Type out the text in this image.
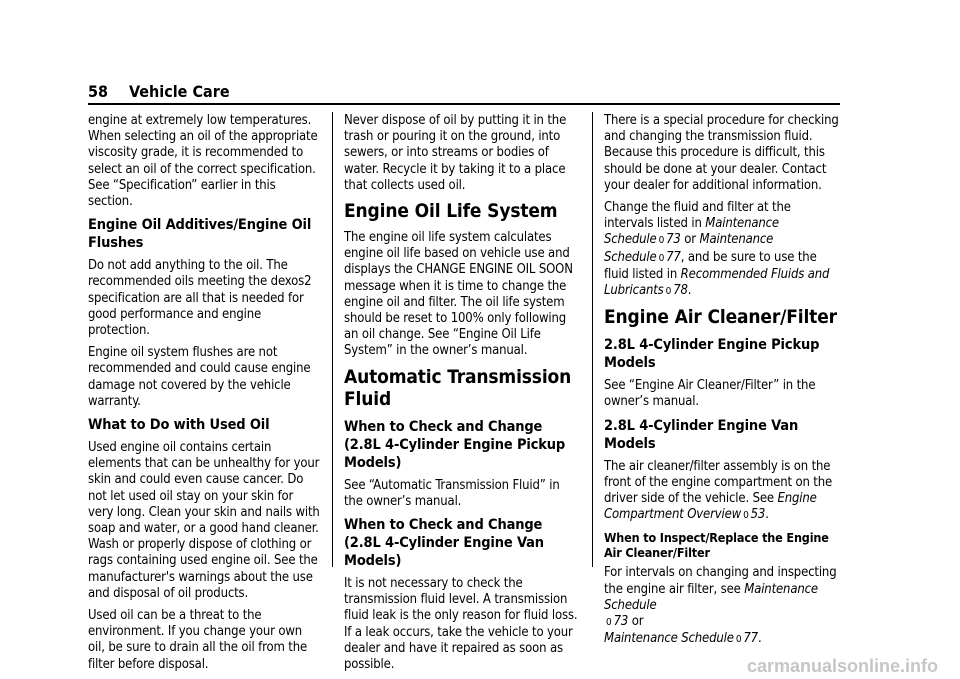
58 Vehicle Care

engine at extremely low temperatures. When selecting an oil of the appropriate viscosity grade, it is recommended to select an oil of the correct specification. See “Specification” earlier in this section.

Engine Oil Additives/Engine Oil Flushes

Do not add anything to the oil. The recommended oils meeting the dexos2 specification are all that is needed for good performance and engine protection.

Engine oil system flushes are not recommended and could cause engine damage not covered by the vehicle warranty.

What to Do with Used Oil

Used engine oil contains certain elements that can be unhealthy for your skin and could even cause cancer. Do not let used oil stay on your skin for very long. Clean your skin and nails with soap and water, or a good hand cleaner. Wash or properly dispose of clothing or rags containing used engine oil. See the manufacturer's warnings about the use and disposal of oil products.

Used oil can be a threat to the environment. If you change your own oil, be sure to drain all the oil from the filter before disposal.

Never dispose of oil by putting it in the trash or pouring it on the ground, into sewers, or into streams or bodies of water. Recycle it by taking it to a place that collects used oil.

Engine Oil Life System

The engine oil life system calculates engine oil life based on vehicle use and displays the CHANGE ENGINE OIL SOON message when it is time to change the engine oil and filter. The oil life system should be reset to 100% only following an oil change. See “Engine Oil Life System” in the owner’s manual.

Automatic Transmission Fluid
When to Check and Change (2.8L 4-Cylinder Engine Pickup Models)

See “Automatic Transmission Fluid” in the owner’s manual.

When to Check and Change (2.8L 4-Cylinder Engine Van Models)

It is not necessary to check the transmission fluid level. A transmission fluid leak is the only reason for fluid loss. If a leak occurs, take the vehicle to your dealer and have it repaired as soon as possible.

There is a special procedure for checking and changing the transmission fluid. Because this procedure is difficult, this should be done at your dealer. Contact your dealer for additional information.

Change the fluid and filter at the intervals listed in Maintenance Schedule 0 73 or Maintenance Schedule 0 77, and be sure to use the fluid listed in Recommended Fluids and Lubricants 0 78.

Engine Air Cleaner/Filter
2.8L 4-Cylinder Engine Pickup Models

See “Engine Air Cleaner/Filter” in the owner’s manual.

2.8L 4-Cylinder Engine Van Models

The air cleaner/filter assembly is on the front of the engine compartment on the driver side of the vehicle. See Engine Compartment Overview 0 53.

When to Inspect/Replace the Engine Air Cleaner/Filter

For intervals on changing and inspecting the engine air filter, see Maintenance Schedule
0 73 or
Maintenance Schedule 0 77.

carmanualsonline.info
